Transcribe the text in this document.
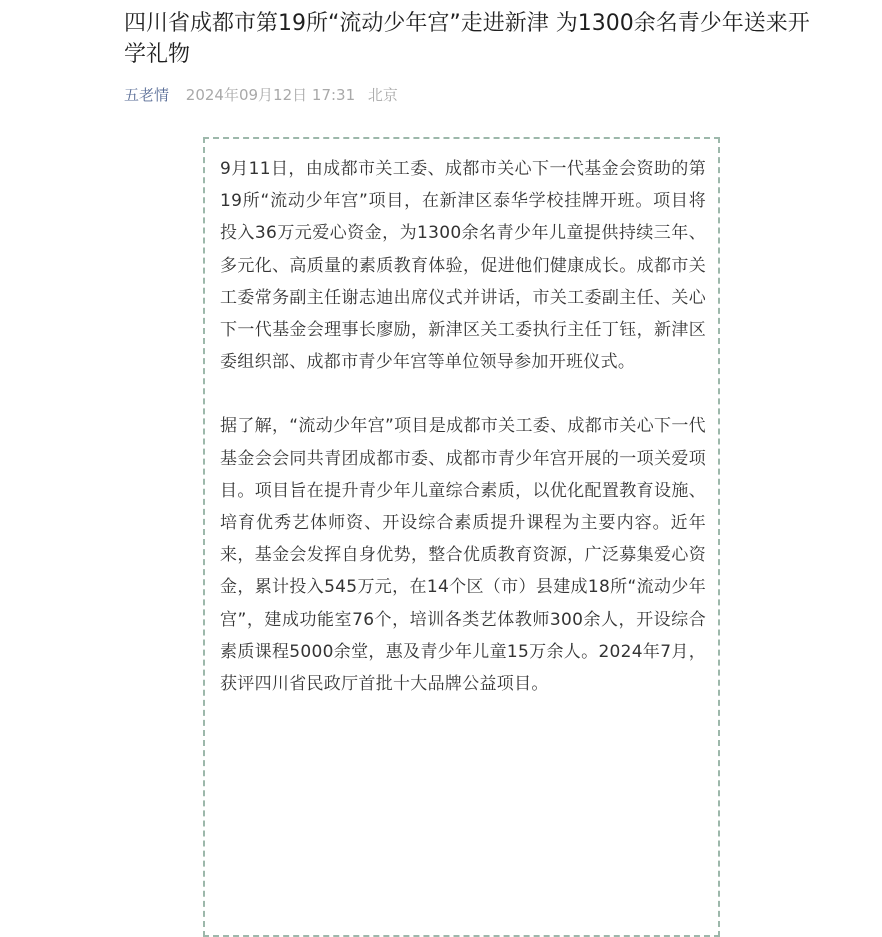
四川省成都市第19所“流动少年宫”走进新津 为1300余名青少年送来开学礼物
五老情 2024年09月12日 17:31 北京

9月11日，由成都市关工委、成都市关心下一代基金会资助的第19所“流动少年宫”项目，在新津区泰华学校挂牌开班。项目将投入36万元爱心资金，为1300余名青少年儿童提供持续三年、多元化、高质量的素质教育体验，促进他们健康成长。成都市关工委常务副主任谢志迪出席仪式并讲话，市关工委副主任、关心下一代基金会理事长廖励，新津区关工委执行主任丁钰，新津区委组织部、成都市青少年宫等单位领导参加开班仪式。

据了解，“流动少年宫”项目是成都市关工委、成都市关心下一代基金会会同共青团成都市委、成都市青少年宫开展的一项关爱项目。项目旨在提升青少年儿童综合素质，以优化配置教育设施、培育优秀艺体师资、开设综合素质提升课程为主要内容。近年来，基金会发挥自身优势，整合优质教育资源，广泛募集爱心资金，累计投入545万元，在14个区（市）县建成18所“流动少年宫”，建成功能室76个，培训各类艺体教师300余人，开设综合素质课程5000余堂，惠及青少年儿童15万余人。2024年7月，获评四川省民政厅首批十大品牌公益项目。
